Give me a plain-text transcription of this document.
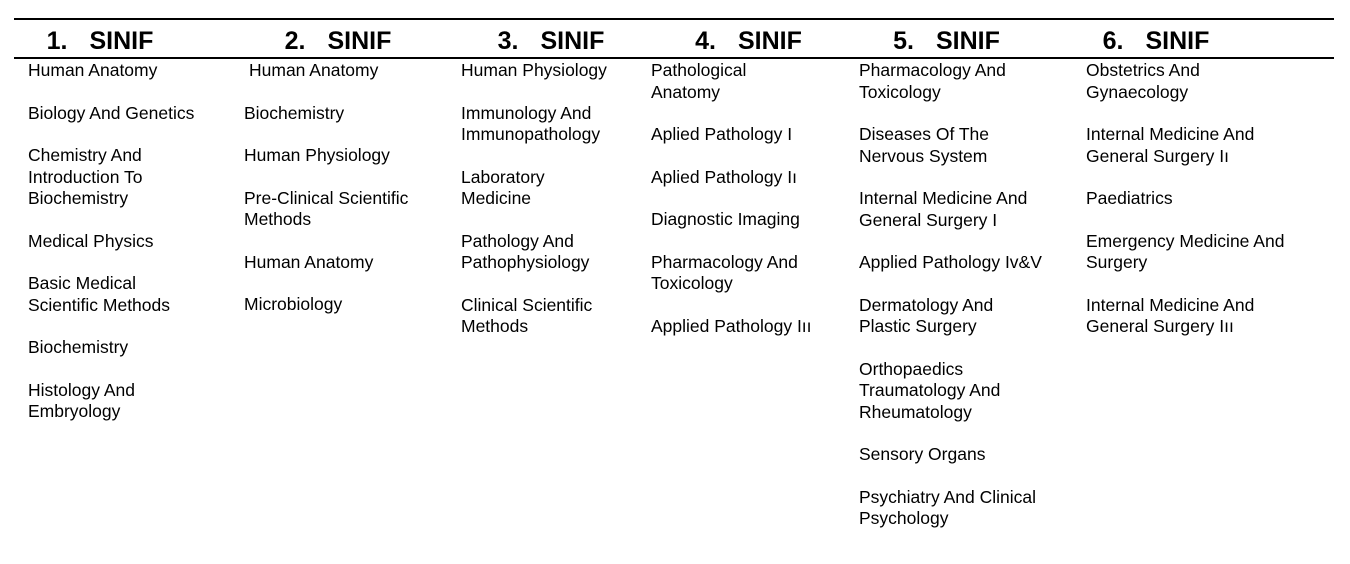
1. SINIF
Human Anatomy
Biology And Genetics
Chemistry And
Introduction To
Biochemistry
Medical Physics
Basic Medical
Scientific Methods
Biochemistry
Histology And
Embryology
2. SINIF
Human Anatomy
Biochemistry
Human Physiology
Pre-Clinical Scientific
Methods
Human Anatomy
Microbiology
3. SINIF
Human Physiology
Immunology And
Immunopathology
Laboratory
Medicine
Pathology And
Pathophysiology
Clinical Scientific
Methods
4. SINIF
Pathological
Anatomy
Aplied Pathology I
Aplied Pathology Iı
Diagnostic Imaging
Pharmacology And
Toxicology
Applied Pathology Iıı
5. SINIF
Pharmacology And
Toxicology
Diseases Of The
Nervous System
Internal Medicine And
General Surgery I
Applied Pathology Iv&V
Dermatology And
Plastic Surgery
Orthopaedics
Traumatology And
Rheumatology
Sensory Organs
Psychiatry And Clinical
Psychology
6. SINIF
Obstetrics And
Gynaecology
Internal Medicine And
General Surgery Iı
Paediatrics
Emergency Medicine And
Surgery
Internal Medicine And
General Surgery Iıı
